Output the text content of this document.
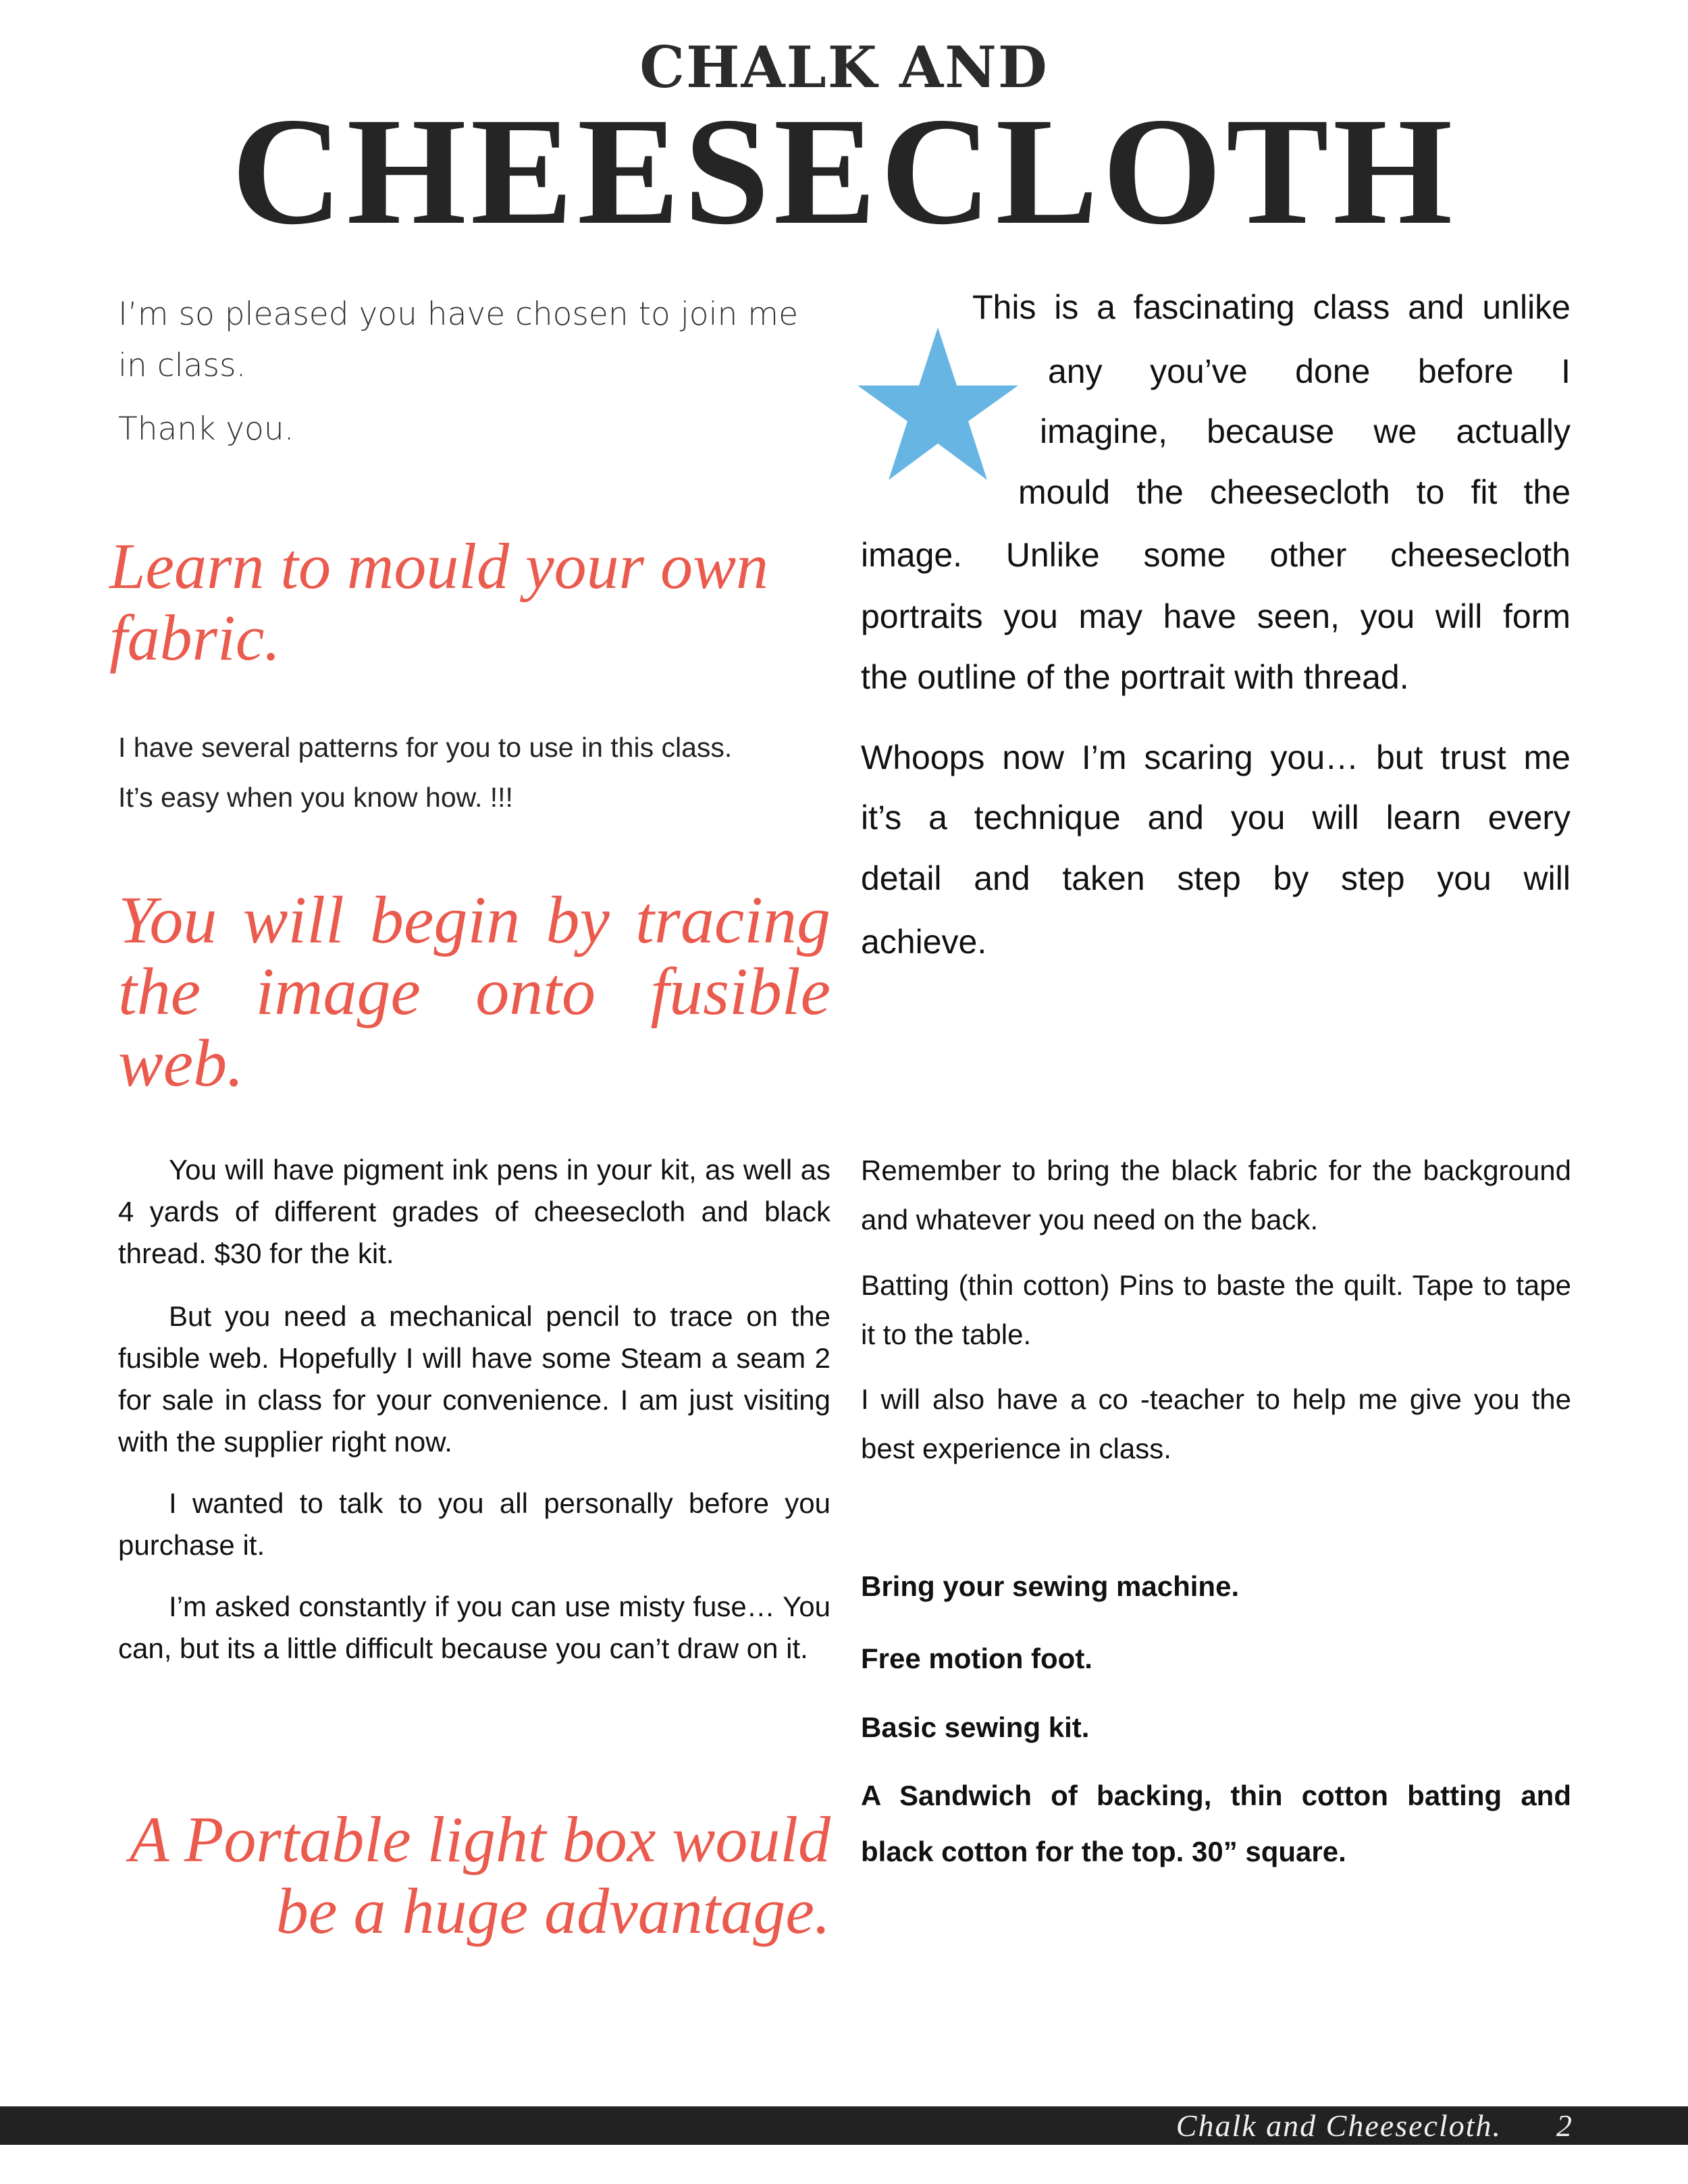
CHALK AND
CHEESECLOTH
I’m so pleased you have chosen to join me in class.
Thank you.
Learn to mould your own fabric.
I have several patterns for you to use in this class.
It’s easy when you know how. !!!
You will begin by tracing the image onto fusible web.
This is a fascinating class and unlike
any you’ve done before I
imagine, because we actually
mould the cheesecloth to fit the
image. Unlike some other cheesecloth
portraits you may have seen, you will form
the outline of the portrait with thread.
Whoops now I’m scaring you… but trust me
it’s a technique and you will learn every
detail and taken step by step you will
achieve.

You will have pigment ink pens in your kit, as well as 4 yards of different grades of cheesecloth and black thread. $30 for the kit.

But you need a mechanical pencil to trace on the fusible web. Hopefully I will have some Steam a seam 2 for sale in class for your convenience. I am just visiting with the supplier right now.

I wanted to talk to you all personally before you purchase it.

I’m asked constantly if you can use misty fuse… You can, but its a little difficult because you can’t draw on it.

A Portable light box would be a huge advantage.

Remember to bring the black fabric for the background and whatever you need on the back.

Batting (thin cotton) Pins to baste the quilt. Tape to tape it to the table.

I will also have a co -teacher to help me give you the best experience in class.

Bring your sewing machine.

Free motion foot.

Basic sewing kit.

A Sandwich of backing, thin cotton batting and black cotton for the top. 30” square.

Chalk and Cheesecloth. 2
